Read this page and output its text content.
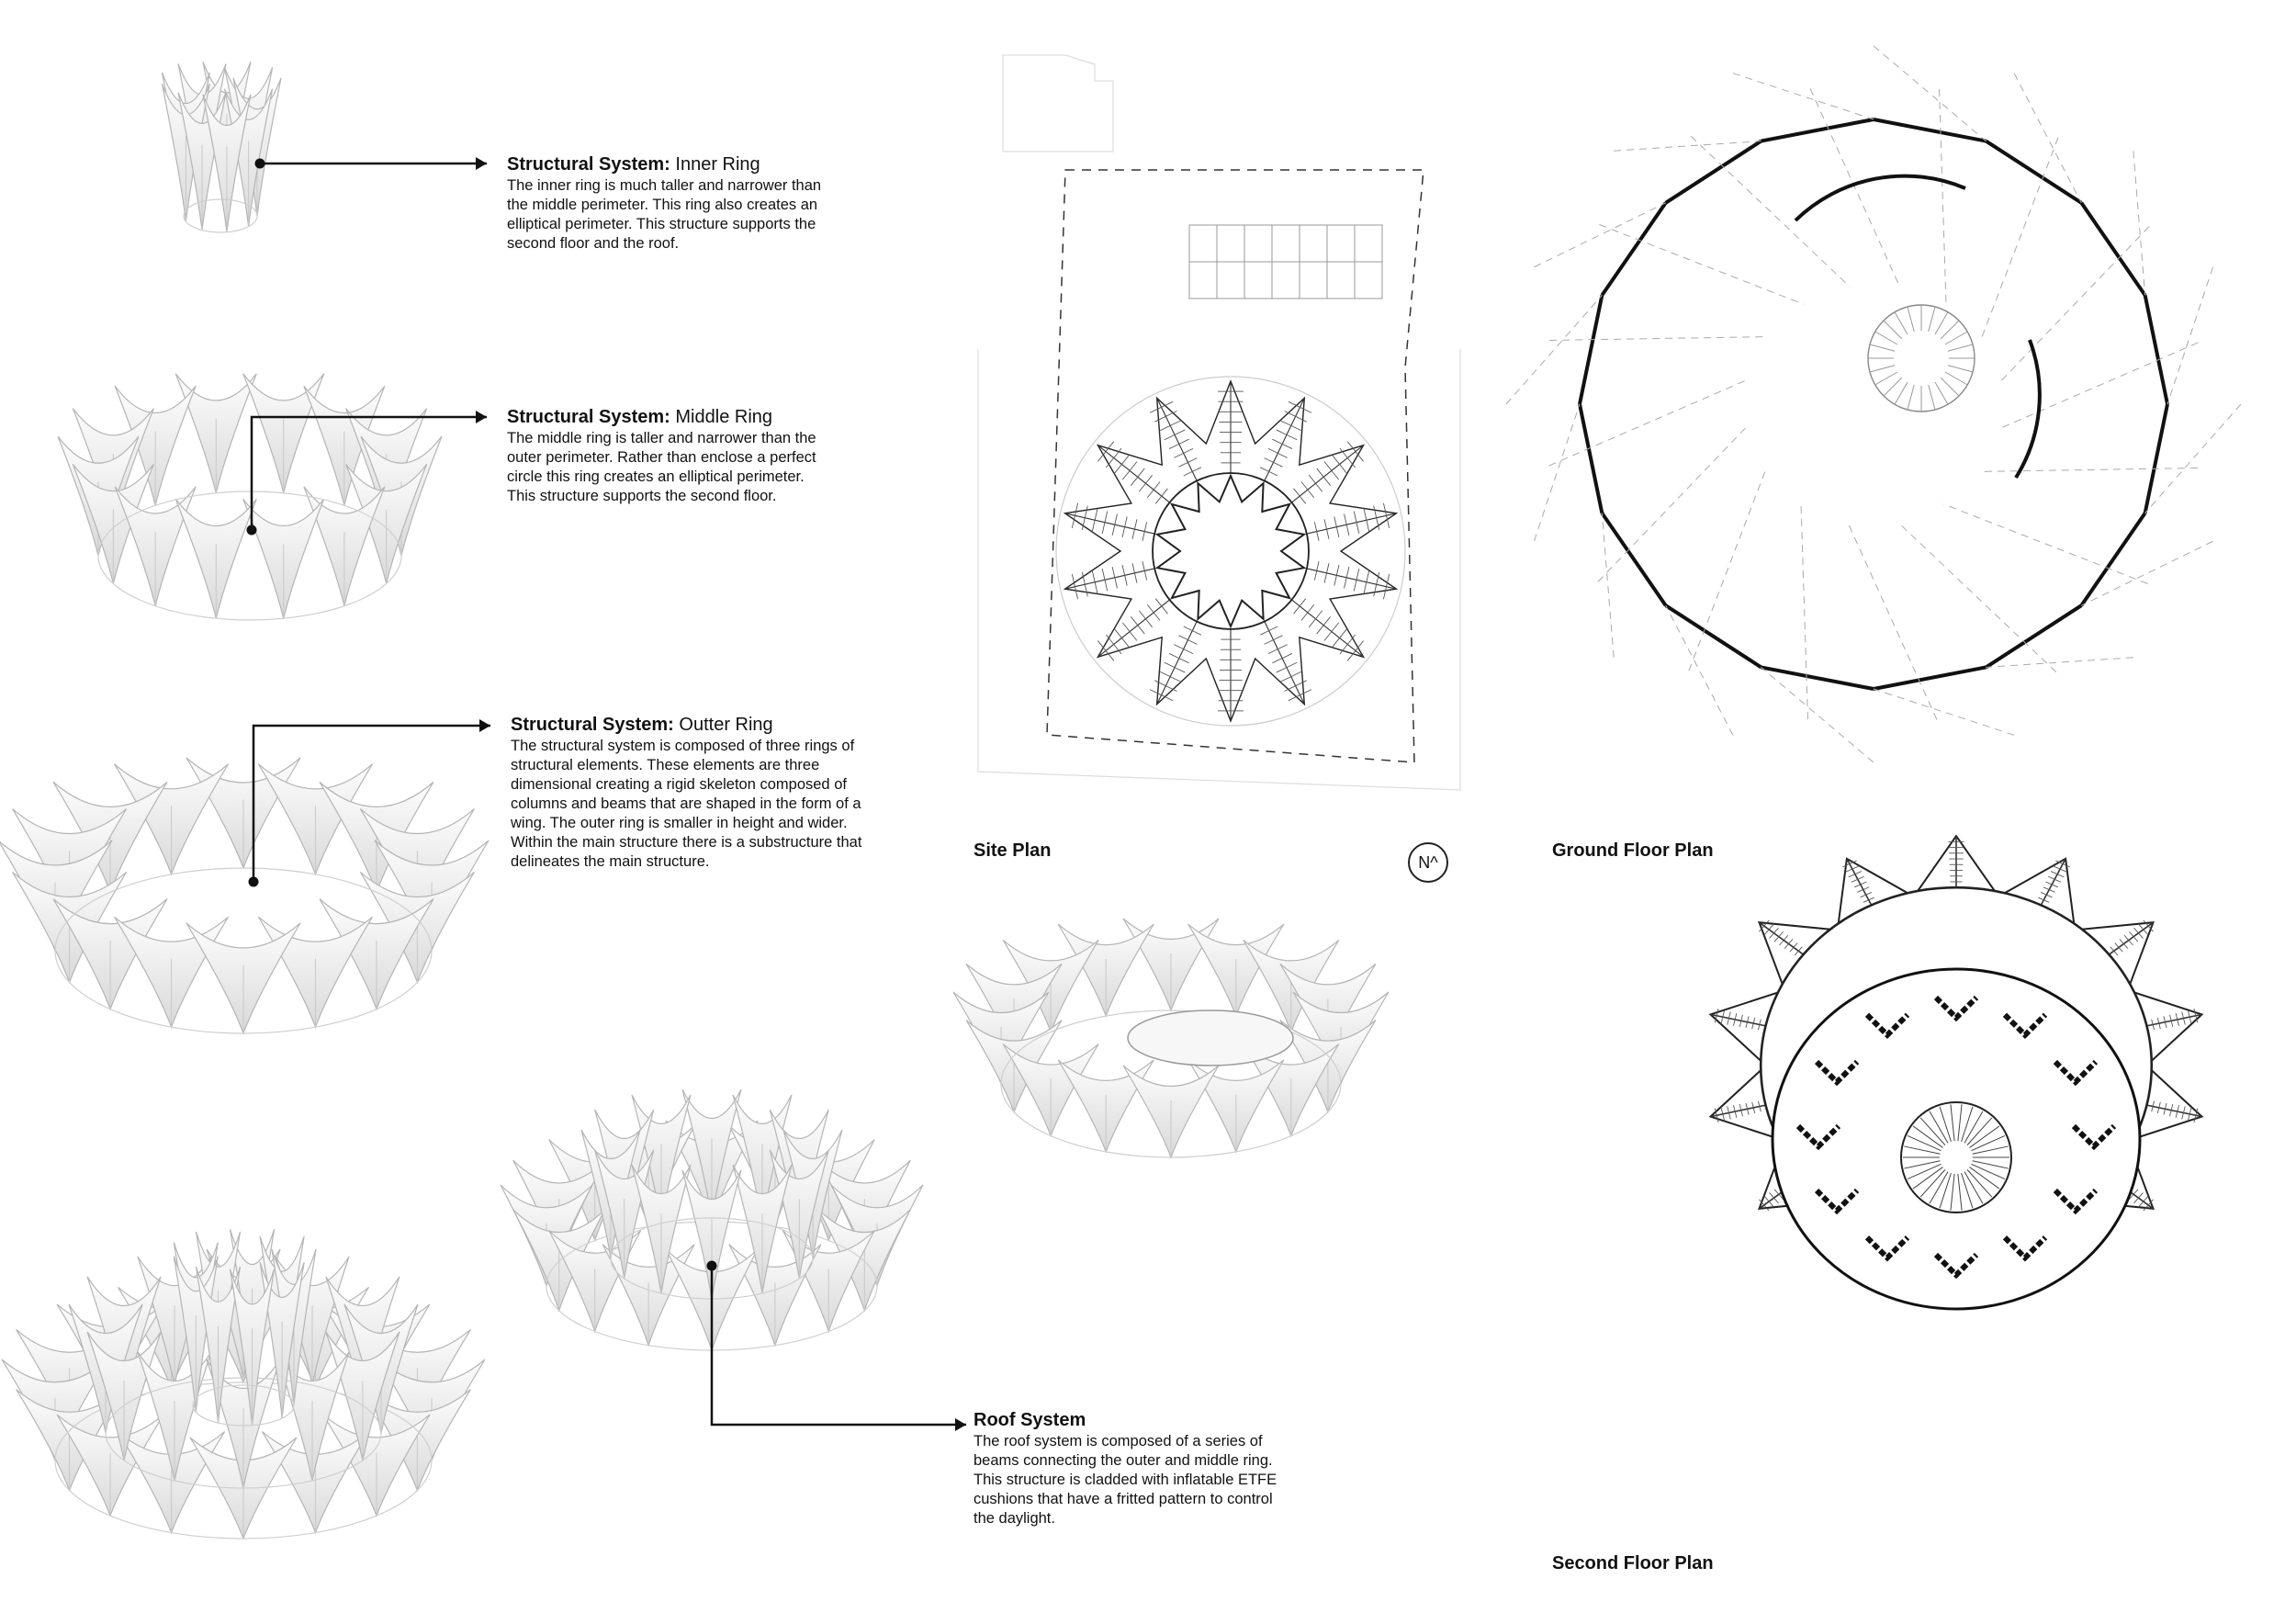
Structural System: Inner Ring
The inner ring is much taller and narrower than the middle perimeter. This ring also creates an elliptical perimeter. This structure supports the second floor and the roof.
Structural System: Middle Ring
The middle ring is taller and narrower than the outer perimeter. Rather than enclose a perfect circle this ring creates an elliptical perimeter. This structure supports the second floor.
Structural System: Outter Ring
The structural system is composed of three rings of structural elements. These elements are three dimensional creating a rigid skeleton composed of columns and beams that are shaped in the form of a wing. The outer ring is smaller in height and wider. Within the main structure there is a substructure that delineates the main structure.
Roof System
The roof system is composed of a series of beams connecting the outer and middle ring. This structure is cladded with inflatable ETFE cushions that have a fritted pattern to control the daylight.
Site Plan	Ground Floor Plan
Second Floor Plan
N^
